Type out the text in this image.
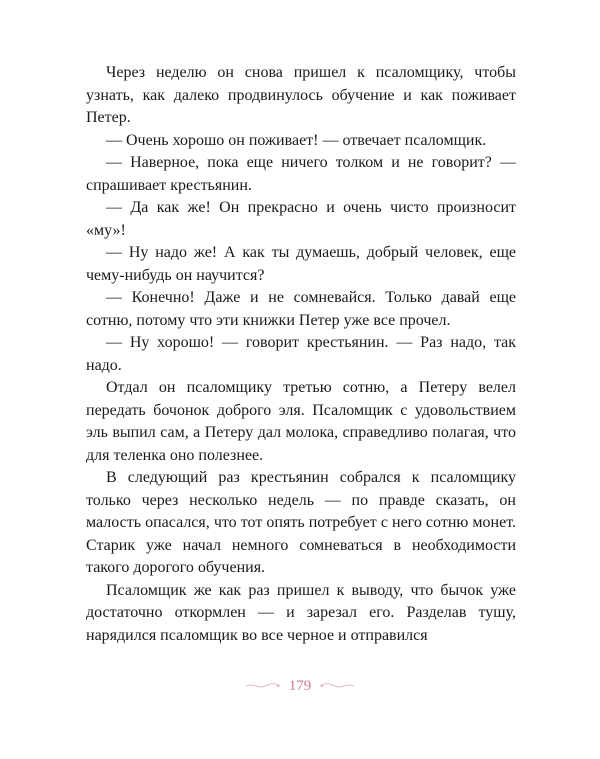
Через неделю он снова пришел к псаломщику, чтобы узнать, как далеко продвинулось обучение и как поживает Петер.

— Очень хорошо он поживает! — отвечает псаломщик.

— Наверное, пока еще ничего толком и не говорит? — спрашивает крестьянин.

— Да как же! Он прекрасно и очень чисто произносит «му»!

— Ну надо же! А как ты думаешь, добрый человек, еще чему-нибудь он научится?

— Конечно! Даже и не сомневайся. Только давай еще сотню, потому что эти книжки Петер уже все прочел.

— Ну хорошо! — говорит крестьянин. — Раз надо, так надо.

Отдал он псаломщику третью сотню, а Петеру велел передать бочонок доброго эля. Псаломщик с удовольствием эль выпил сам, а Петеру дал молока, справедливо полагая, что для теленка оно полезнее.

В следующий раз крестьянин собрался к псаломщику только через несколько недель — по правде сказать, он малость опасался, что тот опять потребует с него сотню монет. Старик уже начал немного сомневаться в необходимости такого дорогого обучения.

Псаломщик же как раз пришел к выводу, что бычок уже достаточно откормлен — и зарезал его. Разделав тушу, нарядился псаломщик во все черное и отправился

179
